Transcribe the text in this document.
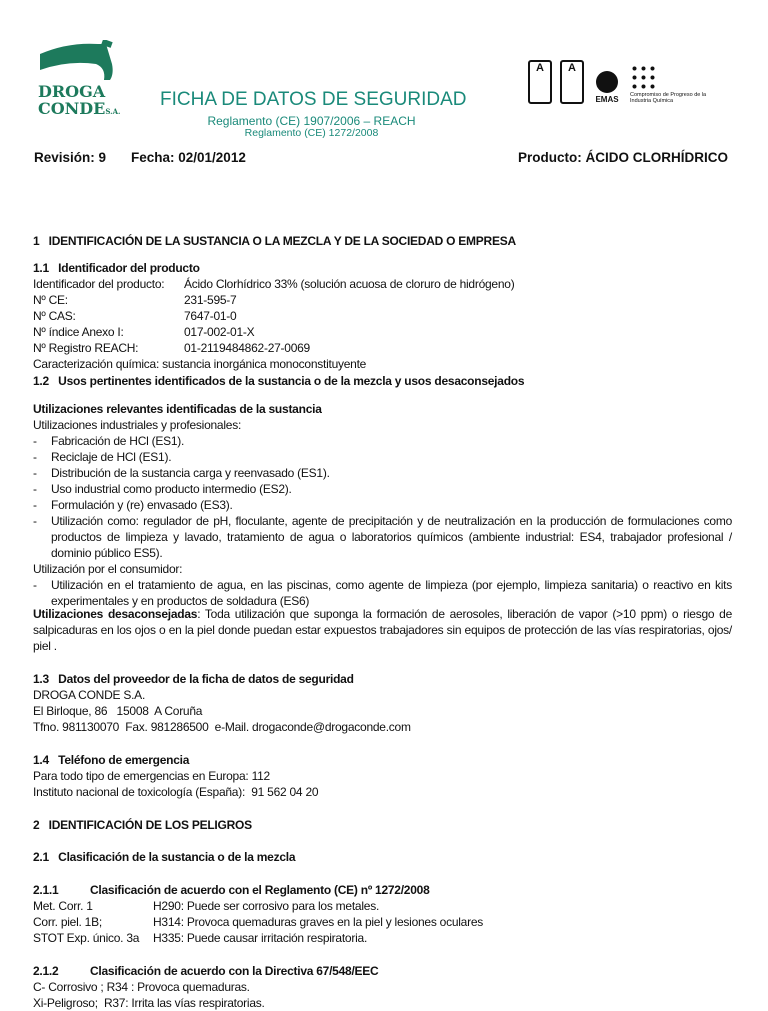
DROGA
CONDES.A.
FICHA DE DATOS DE SEGURIDAD
Reglamento (CE) 1907/2006 – REACH
Reglamento (CE) 1272/2008
A	A
EMAS	Compromiso de Progreso de la Industria Química
Revisión: 9 Fecha: 02/01/2012	Producto: ÁCIDO CLORHÍDRICO
1   IDENTIFICACIÓN DE LA SUSTANCIA O LA MEZCLA Y DE LA SOCIEDAD O EMPRESA
1.1   Identificador del producto
Identificador del producto:	Ácido Clorhídrico 33% (solución acuosa de cloruro de hidrógeno)
Nº CE:	231-595-7
Nº CAS:	7647-01-0
Nº índice Anexo I:	017-002-01-X
Nº Registro REACH:	01-2119484862-27-0069
Caracterización química: sustancia inorgánica monoconstituyente
1.2   Usos pertinentes identificados de la sustancia o de la mezcla y usos desaconsejados
Utilizaciones relevantes identificadas de la sustancia
Utilizaciones industriales y profesionales:
-	Fabricación de HCl (ES1).
-	Reciclaje de HCl (ES1).
-	Distribución de la sustancia carga y reenvasado (ES1).
-	Uso industrial como producto intermedio (ES2).
-	Formulación y (re) envasado (ES3).
-	Utilización como: regulador de pH, floculante, agente de precipitación y de neutralización en la producción de formulaciones como productos de limpieza y lavado, tratamiento de agua o laboratorios químicos (ambiente industrial: ES4, trabajador profesional / dominio público ES5).
Utilización por el consumidor:
-	Utilización en el tratamiento de agua, en las piscinas, como agente de limpieza (por ejemplo, limpieza sanitaria) o reactivo en kits experimentales y en productos de soldadura (ES6)
Utilizaciones desaconsejadas: Toda utilización que suponga la formación de aerosoles, liberación de vapor (>10 ppm) o riesgo de salpicaduras en los ojos o en la piel donde puedan estar expuestos trabajadores sin equipos de protección de las vías respiratorias, ojos/ piel .
1.3   Datos del proveedor de la ficha de datos de seguridad
DROGA CONDE S.A.
El Birloque, 86   15008  A Coruña
Tfno. 981130070  Fax. 981286500  e-Mail. drogaconde@drogaconde.com
1.4   Teléfono de emergencia
Para todo tipo de emergencias en Europa: 112
Instituto nacional de toxicología (España):  91 562 04 20
2   IDENTIFICACIÓN DE LOS PELIGROS
2.1   Clasificación de la sustancia o de la mezcla
2.1.1	Clasificación de acuerdo con el Reglamento (CE) nº 1272/2008
Met. Corr. 1	H290: Puede ser corrosivo para los metales.
Corr. piel. 1B;	H314: Provoca quemaduras graves en la piel y lesiones oculares
STOT Exp. único. 3a	H335: Puede causar irritación respiratoria.
2.1.2	Clasificación de acuerdo con la Directiva 67/548/EEC
C- Corrosivo ; R34 : Provoca quemaduras.
Xi-Peligroso;  R37: Irrita las vías respiratorias.
